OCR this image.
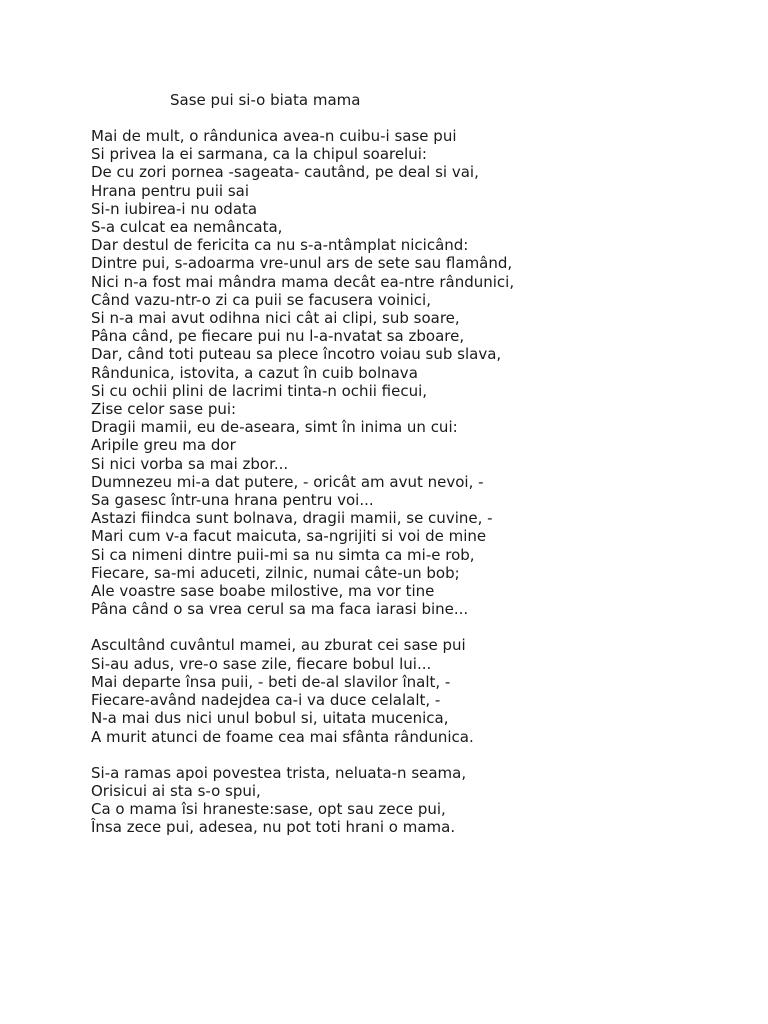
Sase pui si-o biata mama
Mai de mult, o rândunica avea-n cuibu-i sase pui
Si privea la ei sarmana, ca la chipul soarelui:
De cu zori pornea -sageata- cautând, pe deal si vai,
Hrana pentru puii sai
Si-n iubirea-i nu odata
S-a culcat ea nemâncata,
Dar destul de fericita ca nu s-a-ntâmplat nicicând:
Dintre pui, s-adoarma vre-unul ars de sete sau flamând,
Nici n-a fost mai mândra mama decât ea-ntre rândunici,
Când vazu-ntr-o zi ca puii se facusera voinici,
Si n-a mai avut odihna nici cât ai clipi, sub soare,
Pâna când, pe fiecare pui nu l-a-nvatat sa zboare,
Dar, când toti puteau sa plece încotro voiau sub slava,
Rândunica, istovita, a cazut în cuib bolnava
Si cu ochii plini de lacrimi tinta-n ochii fiecui,
Zise celor sase pui:
Dragii mamii, eu de-aseara, simt în inima un cui:
Aripile greu ma dor
Si nici vorba sa mai zbor...
Dumnezeu mi-a dat putere, - oricât am avut nevoi, -
Sa gasesc într-una hrana pentru voi...
Astazi fiindca sunt bolnava, dragii mamii, se cuvine, -
Mari cum v-a facut maicuta, sa-ngrijiti si voi de mine
Si ca nimeni dintre puii-mi sa nu simta ca mi-e rob,
Fiecare, sa-mi aduceti, zilnic, numai câte-un bob;
Ale voastre sase boabe milostive, ma vor tine
Pâna când o sa vrea cerul sa ma faca iarasi bine...
Ascultând cuvântul mamei, au zburat cei sase pui
Si-au adus, vre-o sase zile, fiecare bobul lui...
Mai departe însa puii, - beti de-al slavilor înalt, -
Fiecare-având nadejdea ca-i va duce celalalt, -
N-a mai dus nici unul bobul si, uitata mucenica,
A murit atunci de foame cea mai sfânta rândunica.
Si-a ramas apoi povestea trista, neluata-n seama,
Orisicui ai sta s-o spui,
Ca o mama îsi hraneste:sase, opt sau zece pui,
Însa zece pui, adesea, nu pot toti hrani o mama.
